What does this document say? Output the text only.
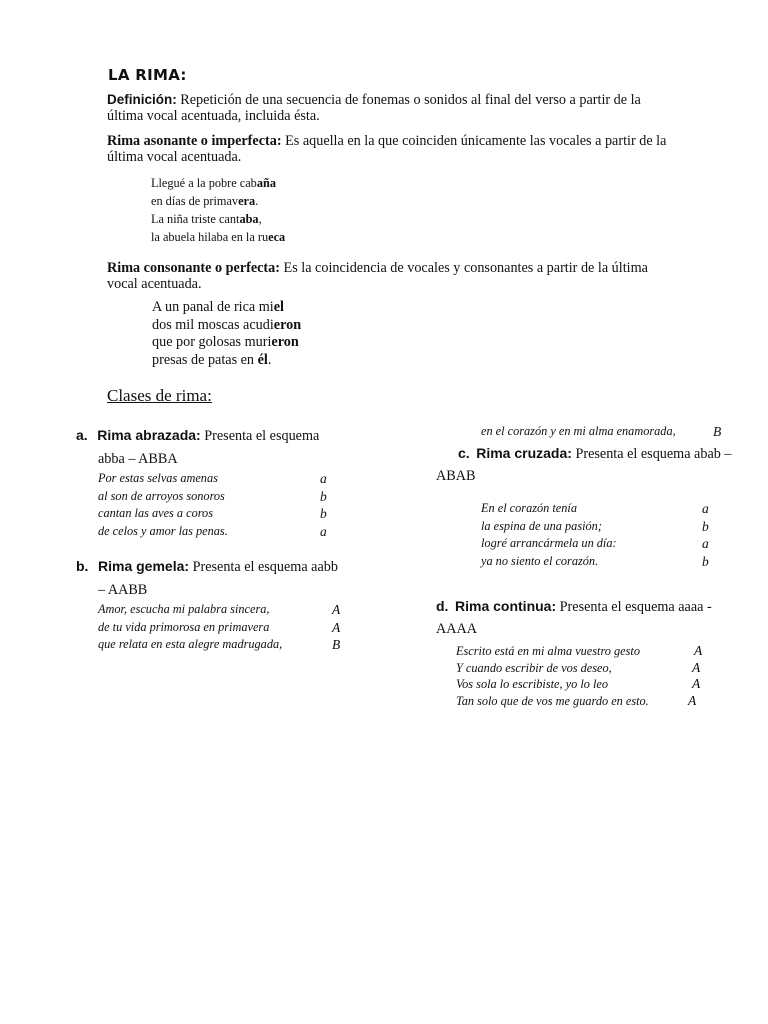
LA RIMA:
Definición: Repetición de una secuencia de fonemas o sonidos al final del verso a partir de la última vocal acentuada, incluida ésta.
Rima asonante o imperfecta: Es aquella en la que coinciden únicamente las vocales a partir de la última vocal acentuada.
Llegué a la pobre cabaña
en días de primavera.
La niña triste cantaba,
la abuela hilaba en la rueca
Rima consonante o perfecta: Es la coincidencia de vocales y consonantes a partir de la última vocal acentuada.
A un panal de rica miel
dos mil moscas acudieron
que por golosas murieron
presas de patas en él.
Clases de rima:
a. Rima abrazada: Presenta el esquema
abba – ABBA
Por estas selvas amenas	a
al son de arroyos sonoros	b
cantan las aves a coros	b
de celos y amor las penas.	a
b. Rima gemela: Presenta el esquema aabb
– AABB
Amor, escucha mi palabra sincera,	A
de tu vida primorosa en primavera	A
que relata en esta alegre madrugada,	B
en el corazón y en mi alma enamorada,	B
c. Rima cruzada: Presenta el esquema abab –
ABAB
En el corazón tenía	a
la espina de una pasión;	b
logré arrancármela un día:	a
ya no siento el corazón.	b
d. Rima continua: Presenta el esquema aaaa -
AAAA
Escrito está en mi alma vuestro gesto	A
Y cuando escribir de vos deseo,	A
Vos sola lo escribiste, yo lo leo	A
Tan solo que de vos me guardo en esto.	A
